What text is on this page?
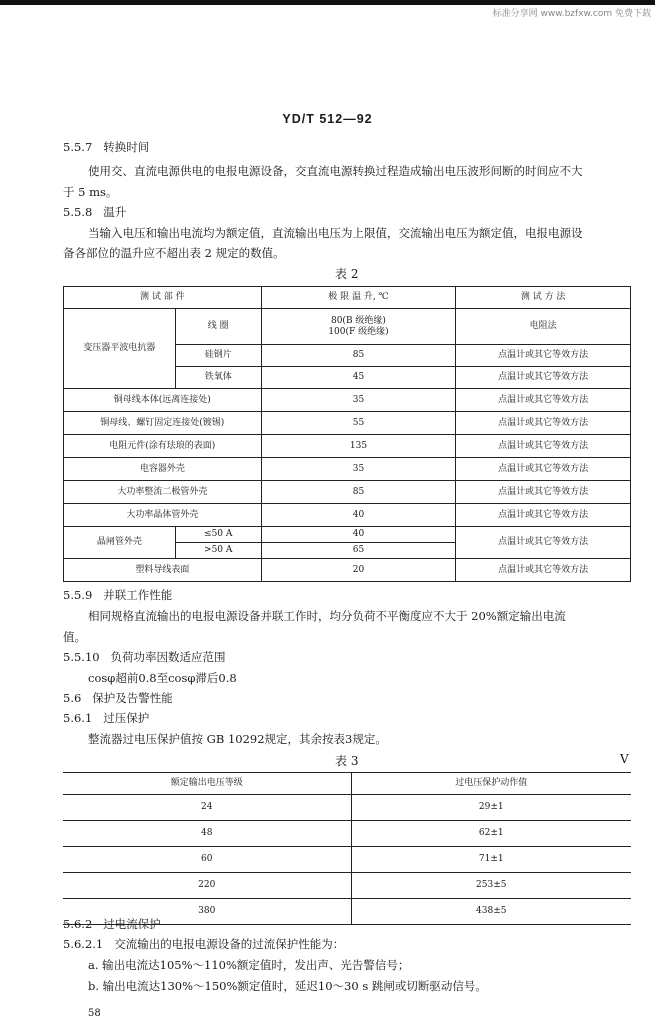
标准分享网 www.bzfxw.com 免费下载
YD/T 512—92
5.5.7 转换时间
使用交、直流电源供电的电报电源设备，交直流电源转换过程造成输出电压波形间断的时间应不大
于 5 ms。
5.5.8 温升
当输入电压和输出电流均为额定值，直流输出电压为上限值，交流输出电压为额定值，电报电源设
备各部位的温升应不超出表 2 规定的数值。
表 2
测 试 部 件		极 限 温 升, ℃	测 试 方 法
变压器平波电抗器	线 圈	80(B 级绝缘)
100(F 级绝缘)	电阻法
	硅钢片	85	点温计或其它等效方法
	铁氧体	45	点温计或其它等效方法
铜母线本体(远离连接处)		35	点温计或其它等效方法
铜母线、螺钉固定连接处(镀锡)		55	点温计或其它等效方法
电阻元件(涂有珐琅的表面)		135	点温计或其它等效方法
电容器外壳		35	点温计或其它等效方法
大功率整流二极管外壳		85	点温计或其它等效方法
大功率晶体管外壳		40	点温计或其它等效方法
晶闸管外壳	≤50 A	40	点温计或其它等效方法
	>50 A	65	
塑料导线表面		20	点温计或其它等效方法
5.5.9 并联工作性能
相同规格直流输出的电报电源设备并联工作时，均分负荷不平衡度应不大于 20%额定输出电流
值。
5.5.10 负荷功率因数适应范围
cosφ超前0.8至cosφ滞后0.8
5.6 保护及告警性能
5.6.1 过压保护
整流器过电压保护值按 GB 10292规定，其余按表3规定。
表 3	V
额定输出电压等级	过电压保护动作值
24	29±1
48	62±1
60	71±1
220	253±5
380	438±5
5.6.2 过电流保护
5.6.2.1 交流输出的电报电源设备的过流保护性能为：
a. 输出电流达105%～110%额定值时，发出声、光告警信号；
b. 输出电流达130%～150%额定值时，延迟10～30 s 跳闸或切断驱动信号。
58
